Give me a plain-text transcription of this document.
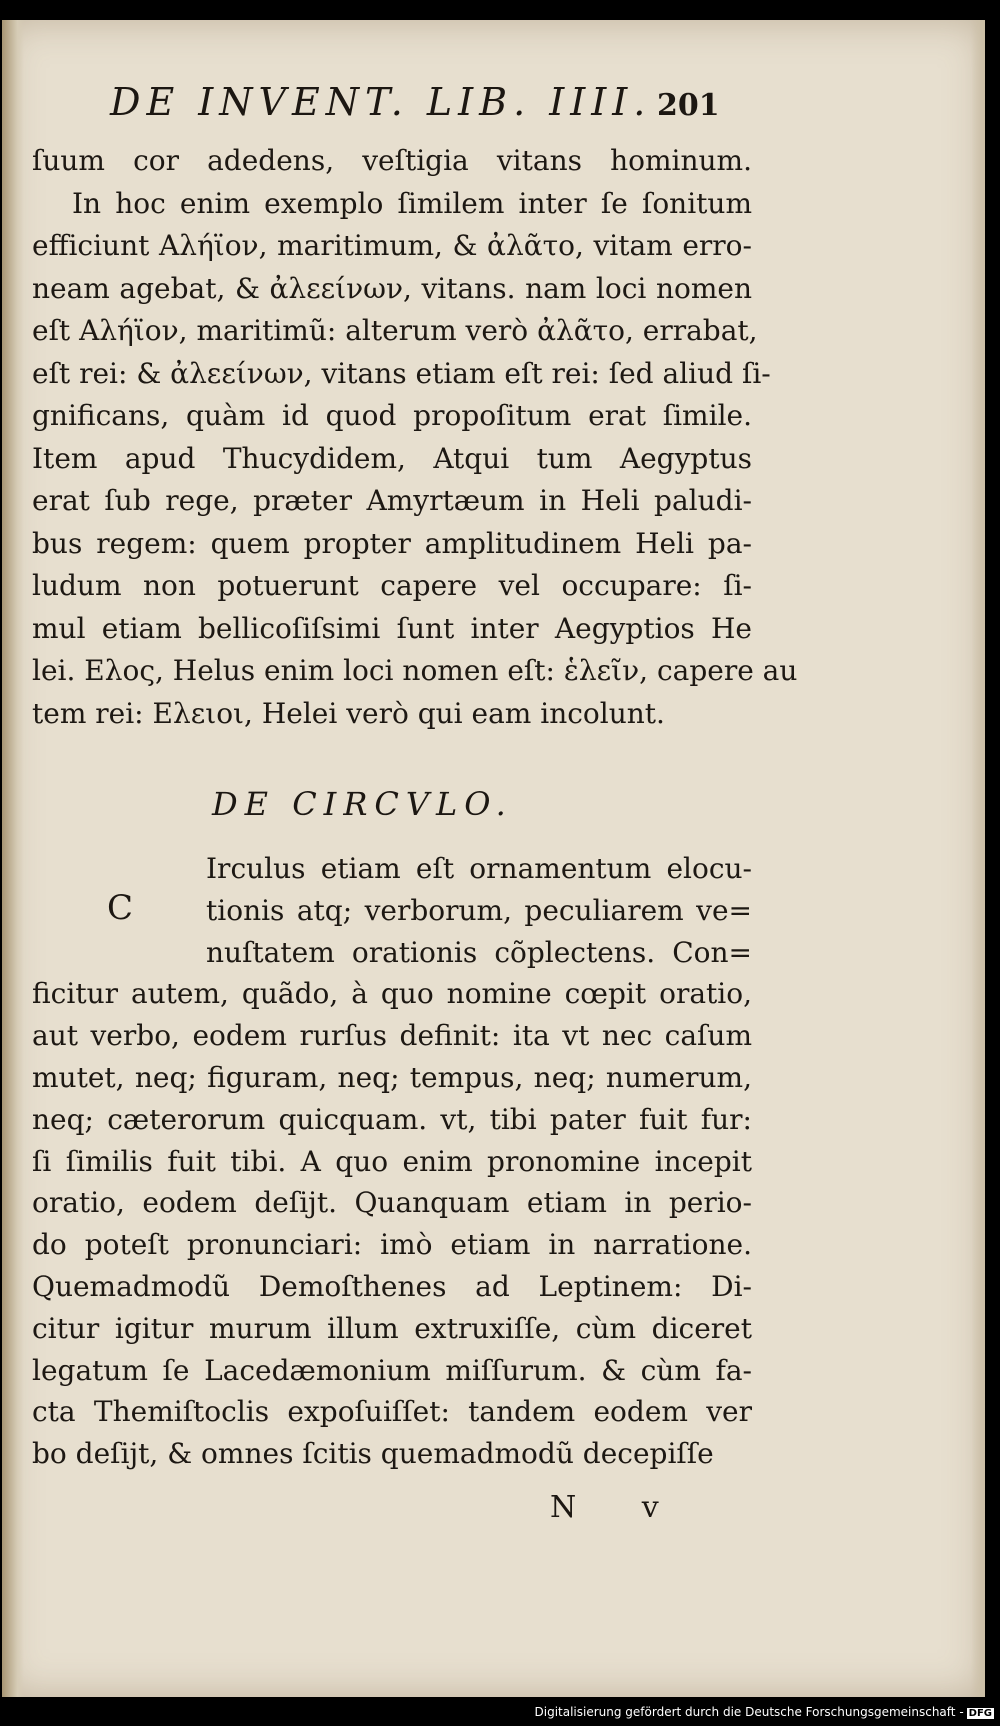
DE INVENT. LIB. IIII. 201
ſuum cor adedens, veſtigia vitans hominum.
In hoc enim exemplo ſimilem inter ſe ſonitum
efficiunt Αλήϊον, maritimum, & ἀλᾶτο, vitam erro-
neam agebat, & ἀλεείνων, vitans. nam loci nomen
eſt Αλήϊον, maritimũ: alterum verò ἀλᾶτο, errabat,
eſt rei: & ἀλεείνων, vitans etiam eſt rei: ſed aliud ſi-
gnificans, quàm id quod propoſitum erat ſimile.
Item apud Thucydidem, Atqui tum Aegyptus
erat ſub rege, præter Amyrtæum in Heli paludi-
bus regem: quem propter amplitudinem Heli pa-
ludum non potuerunt capere vel occupare: ſi-
mul etiam bellicoſiſsimi ſunt inter Aegyptios He
lei. Ελος, Helus enim loci nomen eſt: ἑλεῖν, capere au
tem rei: Ελειοι, Helei verò qui eam incolunt.
DE CIRCVLO.
C
Irculus etiam eſt ornamentum elocu-
tionis atq; verborum, peculiarem ve=
nuſtatem orationis cõplectens. Con=
ficitur autem, quãdo, à quo nomine cœpit oratio,
aut verbo, eodem rurſus definit: ita vt nec caſum
mutet, neq; figuram, neq; tempus, neq; numerum,
neq; cæterorum quicquam. vt, tibi pater fuit fur:
ſi ſimilis fuit tibi. A quo enim pronomine incepit
oratio, eodem deſijt. Quanquam etiam in perio-
do poteſt pronunciari: imò etiam in narratione.
Quemadmodũ Demoſthenes ad Leptinem: Di-
citur igitur murum illum extruxiſſe, cùm diceret
legatum ſe Lacedæmonium miſſurum. & cùm fa-
cta Themiſtoclis expoſuiſſet: tandem eodem ver
bo deſijt, & omnes ſcitis quemadmodũ decepiſſe
N v
Digitalisierung gefördert durch die Deutsche Forschungsgemeinschaft - DFG
